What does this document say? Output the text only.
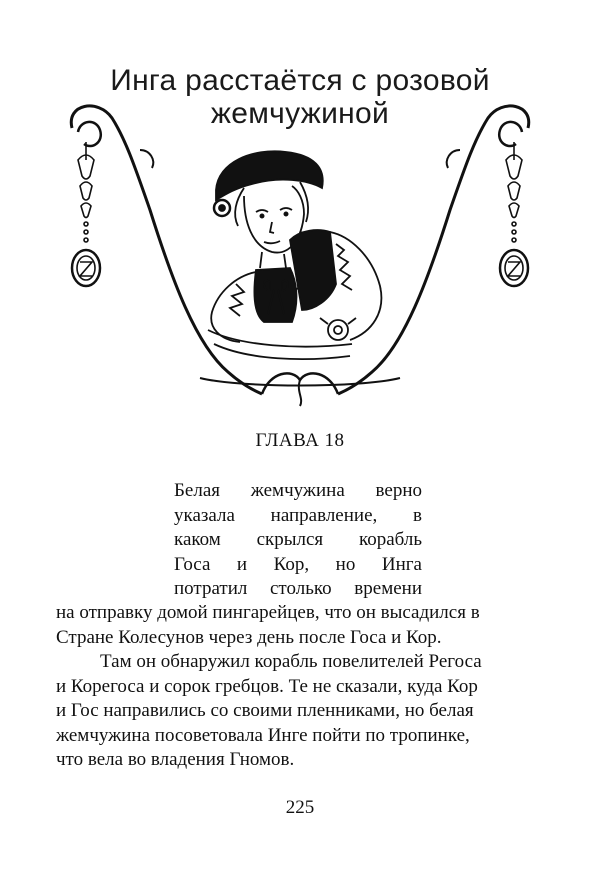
Инга расстаётся с розовой
жемчужиной
ГЛАВА 18
Белая жемчужина верно
указала направление, в
каком скрылся корабль
Госа и Кор, но Инга
потратил столько времени
на отправку домой пингарейцев, что он высадился в
Стране Колесунов через день после Госа и Кор.
Там он обнаружил корабль повелителей Регоса
и Корегоса и сорок гребцов. Те не сказали, куда Кор
и Гос направились со своими пленниками, но белая
жемчужина посоветовала Инге пойти по тропинке,
что вела во владения Гномов.
225
